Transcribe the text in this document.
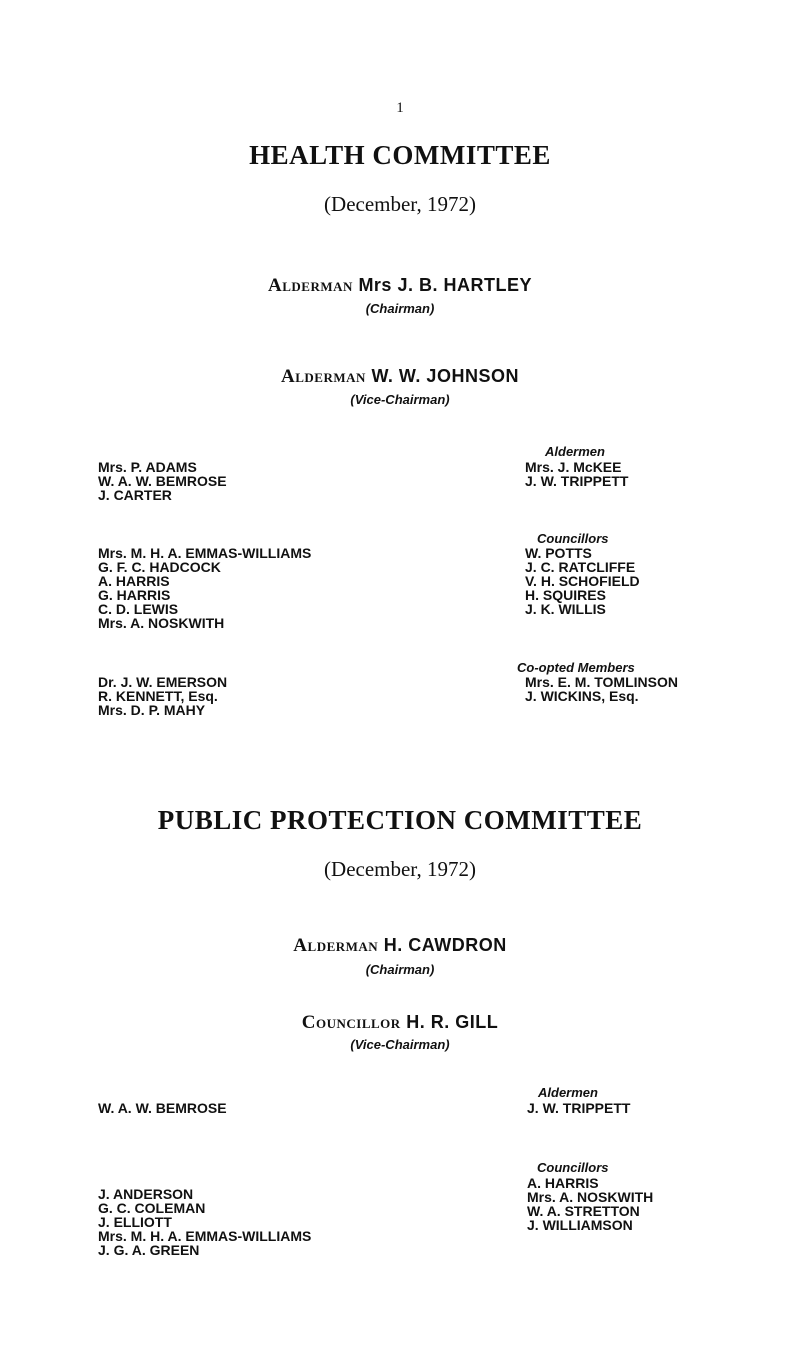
1
HEALTH COMMITTEE
(December, 1972)
Alderman Mrs J. B. HARTLEY
(Chairman)
Alderman W. W. JOHNSON
(Vice-Chairman)
Aldermen
Mrs. P. ADAMS
W. A. W. BEMROSE
J. CARTER
Mrs. J. McKEE
J. W. TRIPPETT
Councillors
Mrs. M. H. A. EMMAS-WILLIAMS
G. F. C. HADCOCK
A. HARRIS
G. HARRIS
C. D. LEWIS
Mrs. A. NOSKWITH
W. POTTS
J. C. RATCLIFFE
V. H. SCHOFIELD
H. SQUIRES
J. K. WILLIS
Co-opted Members
Dr. J. W. EMERSON
R. KENNETT, Esq.
Mrs. D. P. MAHY
Mrs. E. M. TOMLINSON
J. WICKINS, Esq.
PUBLIC PROTECTION COMMITTEE
(December, 1972)
Alderman H. CAWDRON
(Chairman)
Councillor H. R. GILL
(Vice-Chairman)
Aldermen
W. A. W. BEMROSE	J. W. TRIPPETT
Councillors
J. ANDERSON
G. C. COLEMAN
J. ELLIOTT
Mrs. M. H. A. EMMAS-WILLIAMS
J. G. A. GREEN
A. HARRIS
Mrs. A. NOSKWITH
W. A. STRETTON
J. WILLIAMSON
